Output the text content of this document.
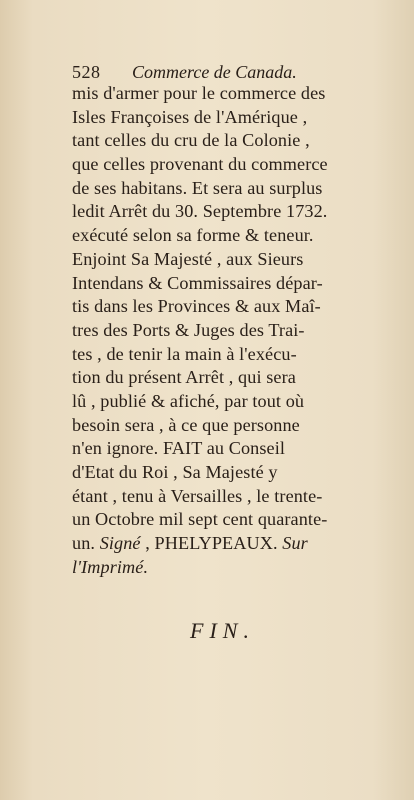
528 Commerce de Canada.
mis d'armer pour le commerce des
Isles Françoises de l'Amérique ,
tant celles du cru de la Colonie ,
que celles provenant du commerce
de ses habitans. Et sera au surplus
ledit Arrêt du 30. Septembre 1732.
exécuté selon sa forme & teneur.
Enjoint Sa Majesté , aux Sieurs
Intendans & Commissaires dépar-
tis dans les Provinces & aux Maî-
tres des Ports & Juges des Trai-
tes , de tenir la main à l'exécu-
tion du présent Arrêt , qui sera
lû , publié & afiché, par tout où
besoin sera , à ce que personne
n'en ignore. FAIT au Conseil
d'Etat du Roi , Sa Majesté y
étant , tenu à Versailles , le trente-
un Octobre mil sept cent quarante-
un. Signé , PHELYPEAUX. Sur
l'Imprimé.
FIN.
